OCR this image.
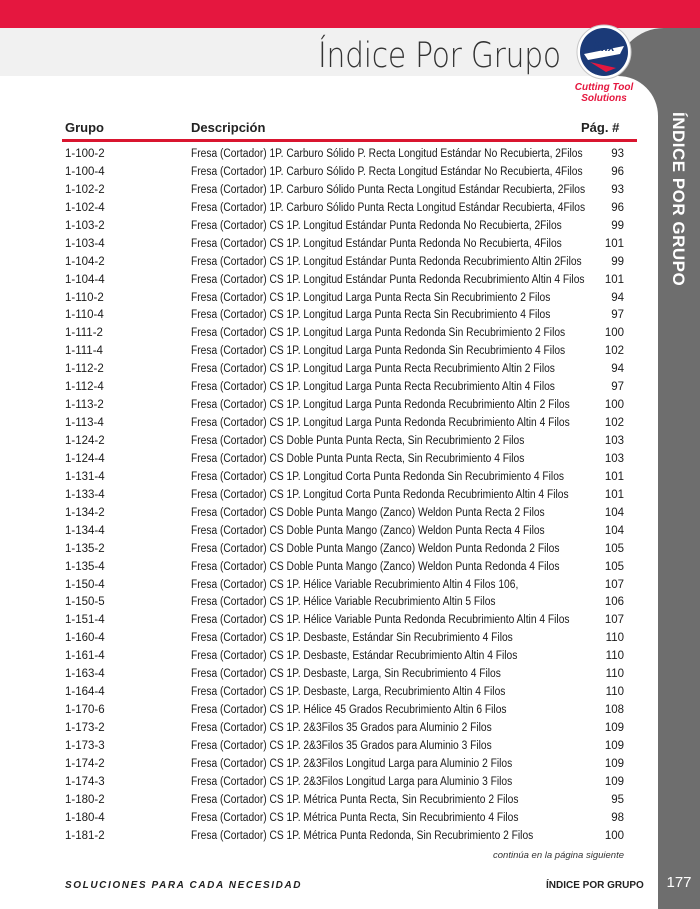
Índice Por Grupo	fmx
Cutting Tool
Solutions
ÍNDICE POR GRUPO
Grupo	Descripción	Pág. #
1-100-2	Fresa (Cortador) 1P. Carburo Sólido P. Recta Longitud Estándar No Recubierta, 2Filos 93
1-100-4	Fresa (Cortador) 1P. Carburo Sólido P. Recta Longitud Estándar No Recubierta, 4Filos 96
1-102-2	Fresa (Cortador) 1P. Carburo Sólido Punta Recta Longitud Estándar Recubierta, 2Filos 93
1-102-4	Fresa (Cortador) 1P. Carburo Sólido Punta Recta Longitud Estándar Recubierta, 4Filos 96
1-103-2	Fresa (Cortador) CS 1P. Longitud Estándar Punta Redonda No Recubierta, 2Filos	99
1-103-4	Fresa (Cortador) CS 1P. Longitud Estándar Punta Redonda No Recubierta, 4Filos	101
1-104-2	Fresa (Cortador) CS 1P. Longitud Estándar Punta Redonda Recubrimiento Altin 2Filos	99
1-104-4	Fresa (Cortador) CS 1P. Longitud Estándar Punta Redonda Recubrimiento Altin 4 Filos 101
1-110-2	Fresa (Cortador) CS 1P. Longitud Larga Punta Recta Sin Recubrimiento 2 Filos	94
1-110-4	Fresa (Cortador) CS 1P. Longitud Larga Punta Recta Sin Recubrimiento 4 Filos	97
1-111-2	Fresa (Cortador) CS 1P. Longitud Larga Punta Redonda Sin Recubrimiento 2 Filos	100
1-111-4	Fresa (Cortador) CS 1P. Longitud Larga Punta Redonda Sin Recubrimiento 4 Filos	102
1-112-2	Fresa (Cortador) CS 1P. Longitud Larga Punta Recta Recubrimiento Altin 2 Filos	94
1-112-4	Fresa (Cortador) CS 1P. Longitud Larga Punta Recta Recubrimiento Altin 4 Filos	97
1-113-2	Fresa (Cortador) CS 1P. Longitud Larga Punta Redonda Recubrimiento Altin 2 Filos	100
1-113-4	Fresa (Cortador) CS 1P. Longitud Larga Punta Redonda Recubrimiento Altin 4 Filos	102
1-124-2	Fresa (Cortador) CS Doble Punta Punta Recta, Sin Recubrimiento 2 Filos	103
1-124-4	Fresa (Cortador) CS Doble Punta Punta Recta, Sin Recubrimiento 4 Filos	103
1-131-4	Fresa (Cortador) CS 1P. Longitud Corta Punta Redonda Sin Recubrimiento 4 Filos	101
1-133-4	Fresa (Cortador) CS 1P. Longitud Corta Punta Redonda Recubrimiento Altin 4 Filos	101
1-134-2	Fresa (Cortador) CS Doble Punta Mango (Zanco) Weldon Punta Recta 2 Filos	104
1-134-4	Fresa (Cortador) CS Doble Punta Mango (Zanco) Weldon Punta Recta 4 Filos	104
1-135-2	Fresa (Cortador) CS Doble Punta Mango (Zanco) Weldon Punta Redonda 2 Filos	105
1-135-4	Fresa (Cortador) CS Doble Punta Mango (Zanco) Weldon Punta Redonda 4 Filos	105
1-150-4	Fresa (Cortador) CS 1P. Hélice Variable Recubrimiento Altin 4 Filos 106,	107
1-150-5	Fresa (Cortador) CS 1P. Hélice Variable Recubrimiento Altin 5 Filos	106
1-151-4	Fresa (Cortador) CS 1P. Hélice Variable Punta Redonda Recubrimiento Altin 4 Filos	107
1-160-4	Fresa (Cortador) CS 1P. Desbaste, Estándar Sin Recubrimiento 4 Filos	110
1-161-4	Fresa (Cortador) CS 1P. Desbaste, Estándar Recubrimiento Altin 4 Filos	110
1-163-4	Fresa (Cortador) CS 1P. Desbaste, Larga, Sin Recubrimiento 4 Filos	110
1-164-4	Fresa (Cortador) CS 1P. Desbaste, Larga, Recubrimiento Altin 4 Filos	110
1-170-6	Fresa (Cortador) CS 1P. Hélice 45 Grados Recubrimiento Altin 6 Filos	108
1-173-2	Fresa (Cortador) CS 1P. 2&3Filos 35 Grados para Aluminio 2 Filos	109
1-173-3	Fresa (Cortador) CS 1P. 2&3Filos 35 Grados para Aluminio 3 Filos	109
1-174-2	Fresa (Cortador) CS 1P. 2&3Filos Longitud Larga para Aluminio 2 Filos	109
1-174-3	Fresa (Cortador) CS 1P. 2&3Filos Longitud Larga para Aluminio 3 Filos	109
1-180-2	Fresa (Cortador) CS 1P. Métrica Punta Recta, Sin Recubrimiento 2 Filos	95
1-180-4	Fresa (Cortador) CS 1P. Métrica Punta Recta, Sin Recubrimiento 4 Filos	98
1-181-2	Fresa (Cortador) CS 1P. Métrica Punta Redonda, Sin Recubrimiento 2 Filos	100
continúa en la página siguiente
SOLUCIONES PARA CADA NECESIDAD	ÍNDICE POR GRUPO	177
